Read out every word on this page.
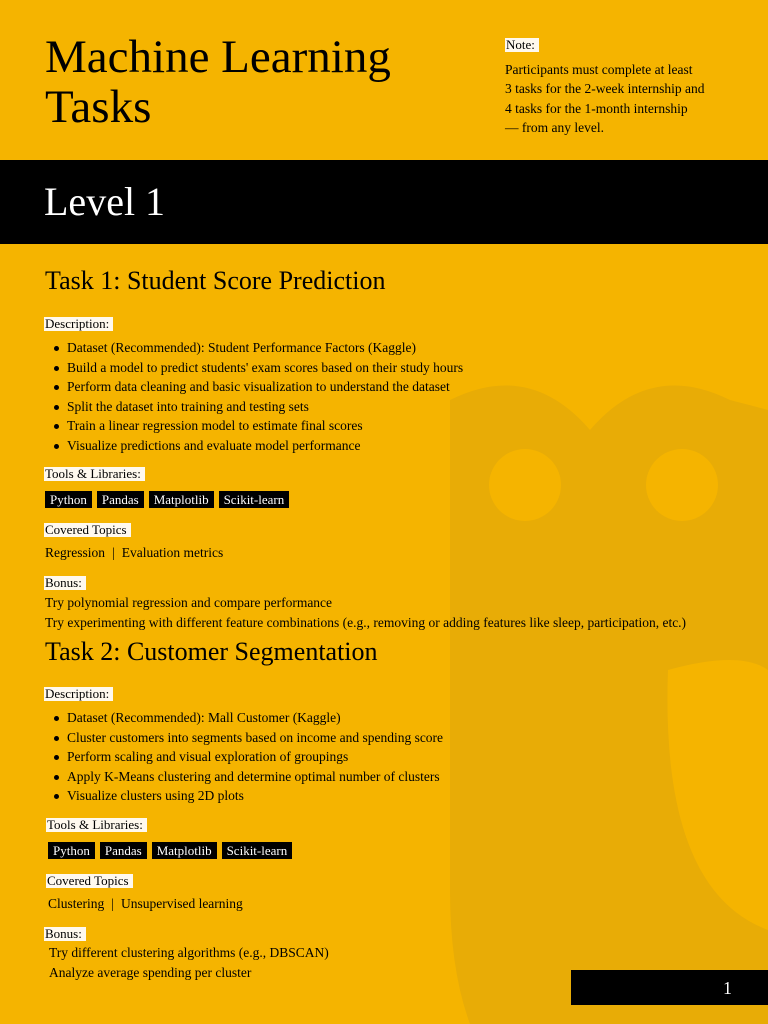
Machine Learning Tasks
Note:
Participants must complete at least
3 tasks for the 2-week internship and
4 tasks for the 1-month internship
— from any level.
Level 1
Task 1: Student Score Prediction
Description:
Dataset (Recommended): Student Performance Factors (Kaggle)
Build a model to predict students' exam scores based on their study hours
Perform data cleaning and basic visualization to understand the dataset
Split the dataset into training and testing sets
Train a linear regression model to estimate final scores
Visualize predictions and evaluate model performance
Tools & Libraries:
Python	Pandas	Matplotlib	Scikit-learn
Covered Topics
Regression | Evaluation metrics
Bonus:
Try polynomial regression and compare performance
Try experimenting with different feature combinations (e.g., removing or adding features like sleep, participation, etc.)
Task 2: Customer Segmentation
Description:
Dataset (Recommended): Mall Customer (Kaggle)
Cluster customers into segments based on income and spending score
Perform scaling and visual exploration of groupings
Apply K-Means clustering and determine optimal number of clusters
Visualize clusters using 2D plots
Tools & Libraries:
Python	Pandas	Matplotlib	Scikit-learn
Covered Topics
Clustering | Unsupervised learning
Bonus:
Try different clustering algorithms (e.g., DBSCAN)
Analyze average spending per cluster
1
